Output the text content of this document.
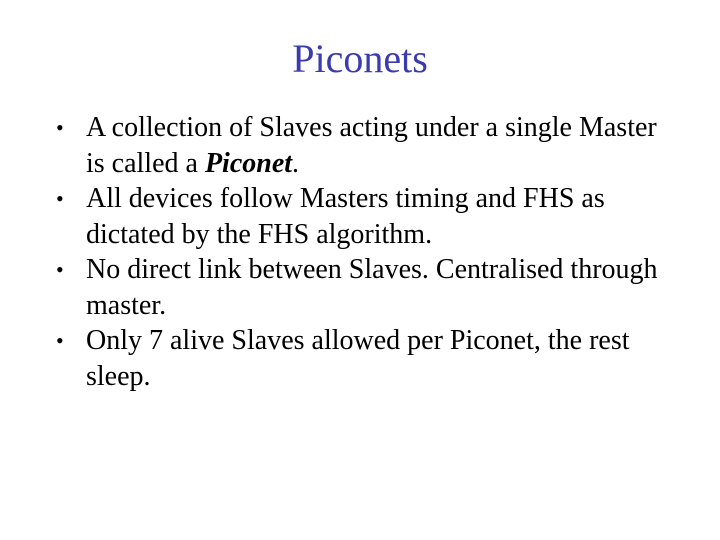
Piconets
• A collection of Slaves acting under a single Master is called a Piconet.
• All devices follow Masters timing and FHS as dictated by the FHS algorithm.
• No direct link between Slaves. Centralised through master.
• Only 7 alive Slaves allowed per Piconet, the rest sleep.
